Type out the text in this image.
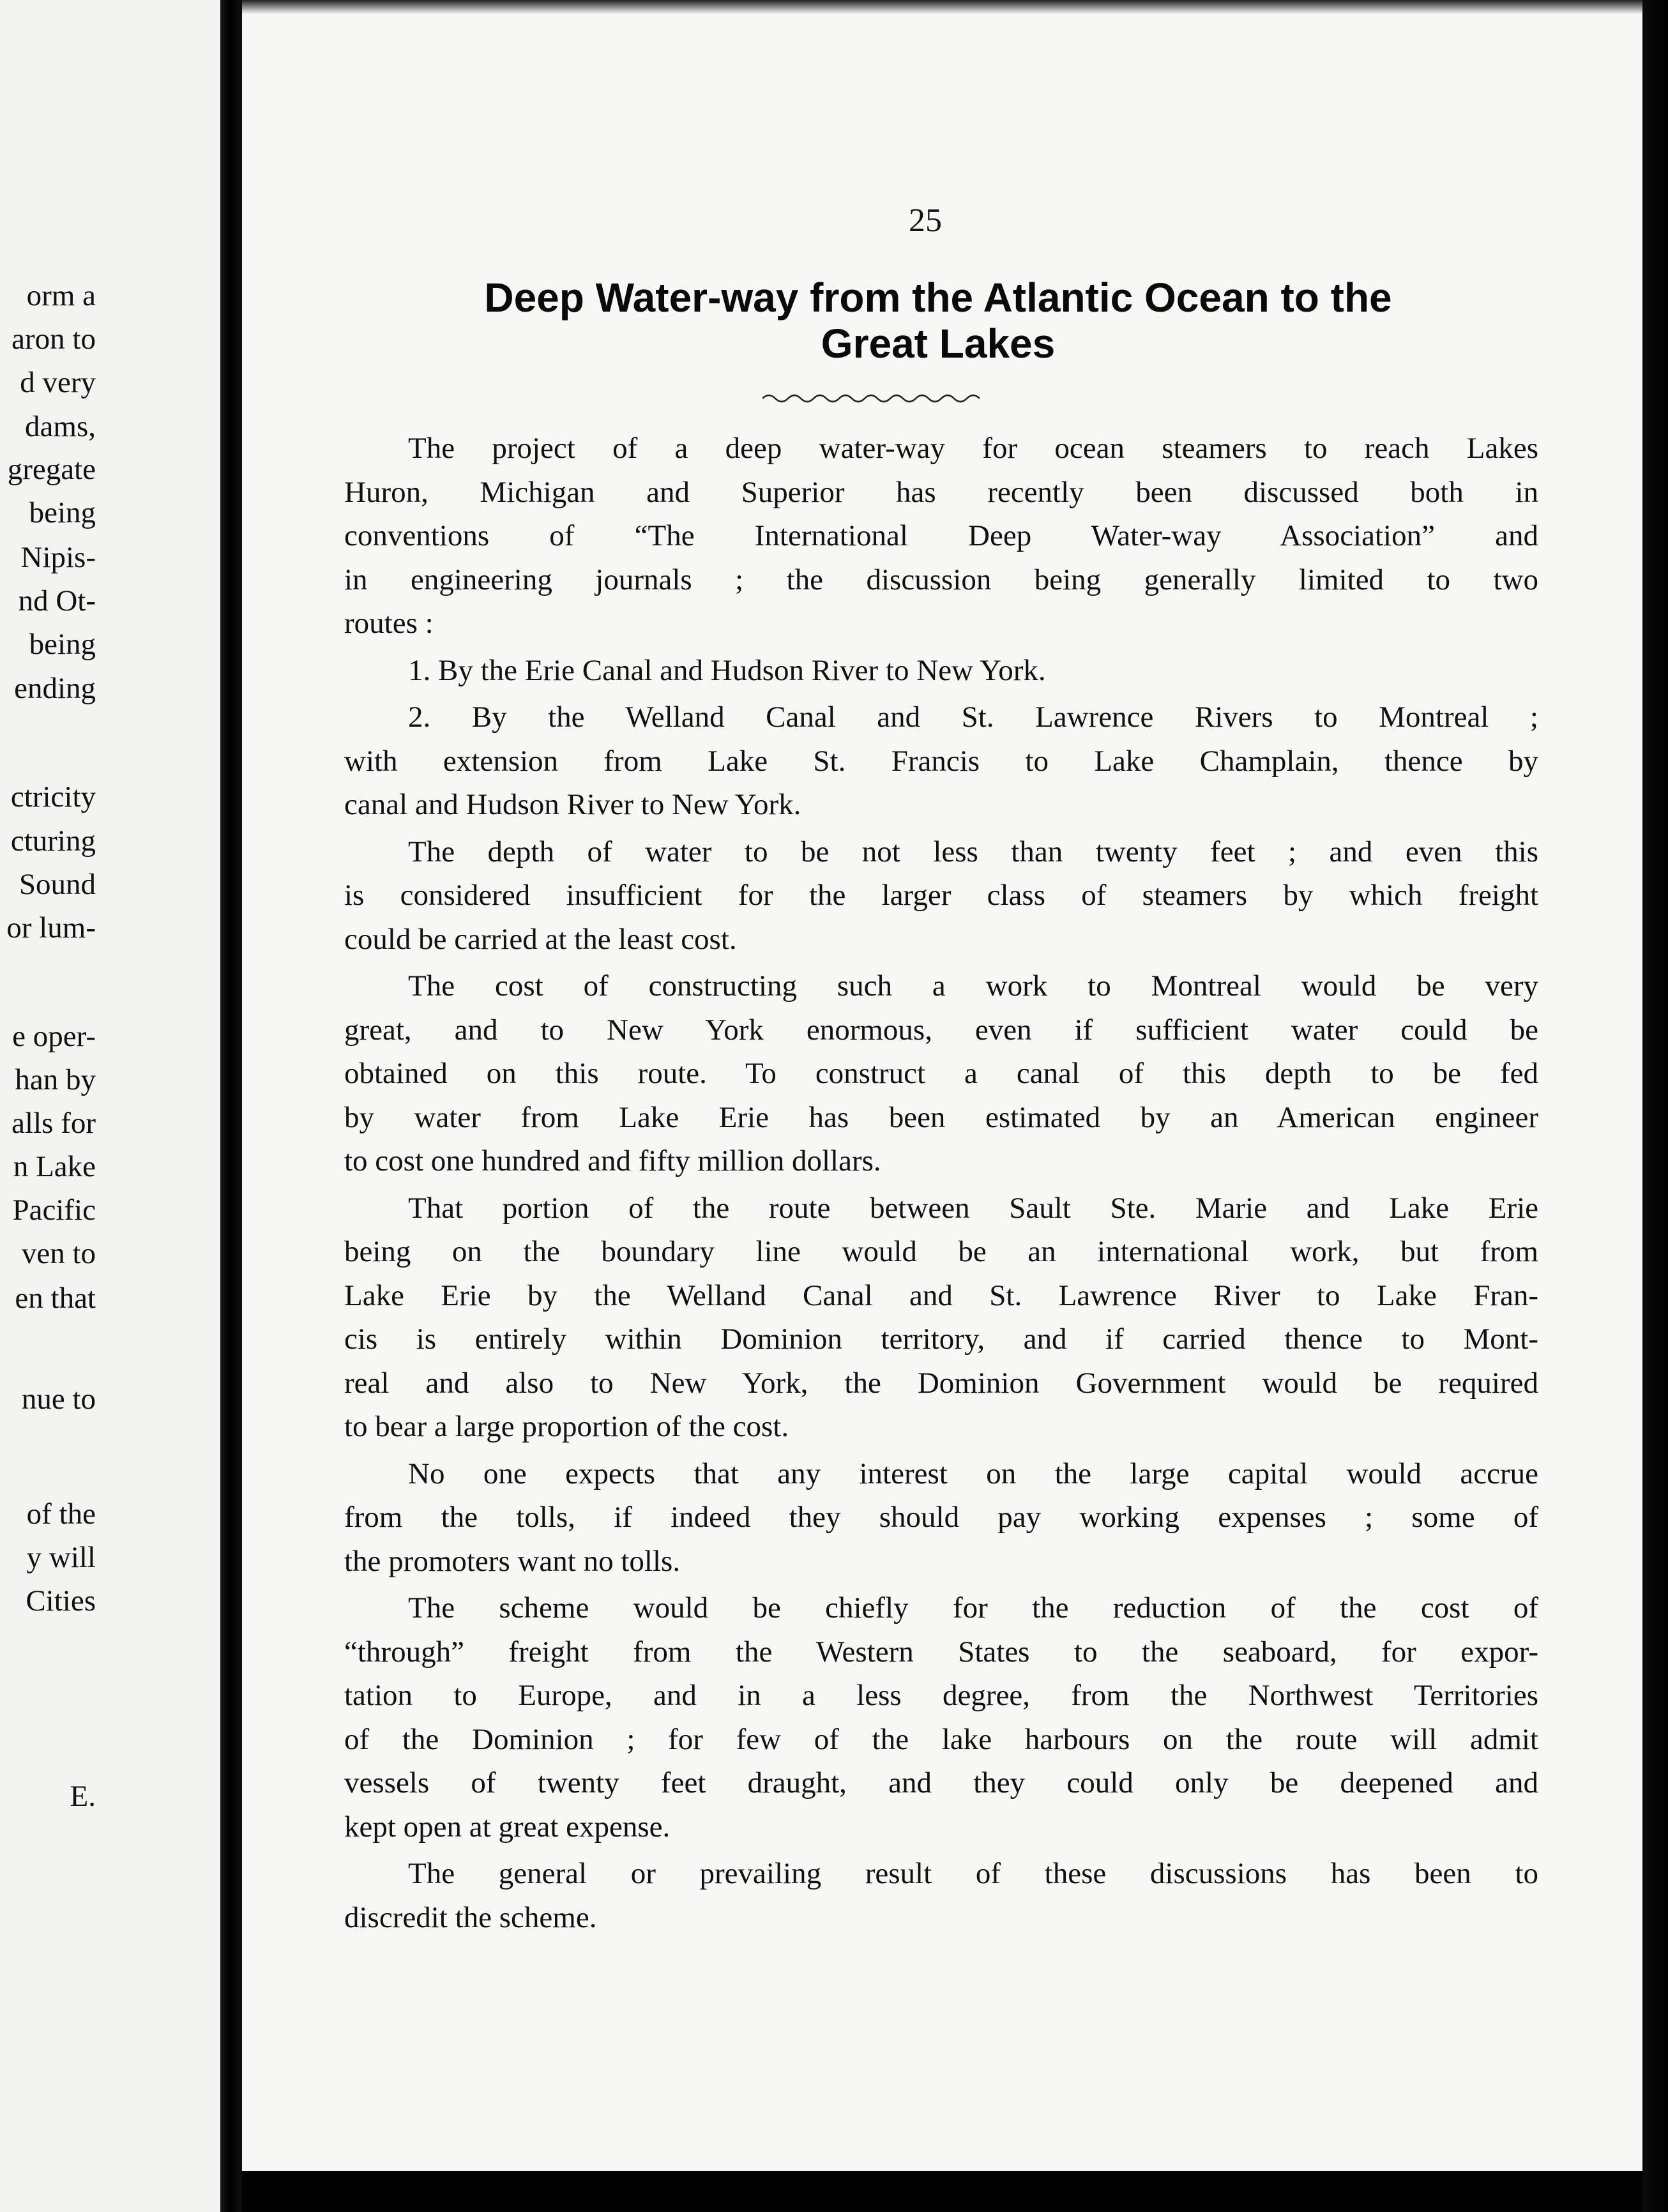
orm a
aron to
d very
dams,
gregate
being
Nipis-
nd Ot-
being
ending
ctricity
cturing
Sound
or lum-
e oper-
han by
alls for
n Lake
Pacific
ven to
en that
nue to
of the
y will
Cities
E.
25
Deep Water-way from the Atlantic Ocean to the
Great Lakes
The project of a deep water-way for ocean steamers to reach Lakes
Huron, Michigan and Superior has recently been discussed both in
conventions of “The International Deep Water-way Association” and
in engineering journals ; the discussion being generally limited to two
routes :
1. By the Erie Canal and Hudson River to New York.
2. By the Welland Canal and St. Lawrence Rivers to Montreal ;
with extension from Lake St. Francis to Lake Champlain, thence by
canal and Hudson River to New York.
The depth of water to be not less than twenty feet ; and even this
is considered insufficient for the larger class of steamers by which freight
could be carried at the least cost.
The cost of constructing such a work to Montreal would be very
great, and to New York enormous, even if sufficient water could be
obtained on this route. To construct a canal of this depth to be fed
by water from Lake Erie has been estimated by an American engineer
to cost one hundred and fifty million dollars.
That portion of the route between Sault Ste. Marie and Lake Erie
being on the boundary line would be an international work, but from
Lake Erie by the Welland Canal and St. Lawrence River to Lake Fran-
cis is entirely within Dominion territory, and if carried thence to Mont-
real and also to New York, the Dominion Government would be required
to bear a large proportion of the cost.
No one expects that any interest on the large capital would accrue
from the tolls, if indeed they should pay working expenses ; some of
the promoters want no tolls.
The scheme would be chiefly for the reduction of the cost of
“through” freight from the Western States to the seaboard, for expor-
tation to Europe, and in a less degree, from the Northwest Territories
of the Dominion ; for few of the lake harbours on the route will admit
vessels of twenty feet draught, and they could only be deepened and
kept open at great expense.
The general or prevailing result of these discussions has been to
discredit the scheme.
